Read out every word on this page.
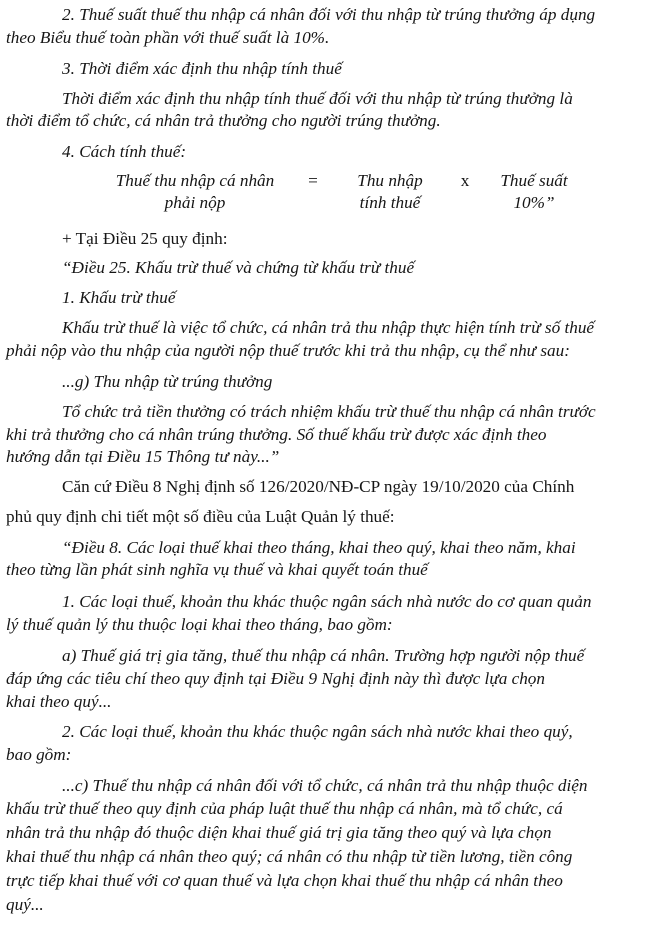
2. Thuế suất thuế thu nhập cá nhân đối với thu nhập từ trúng thưởng áp dụng
theo Biểu thuế toàn phần với thuế suất là 10%.
3. Thời điểm xác định thu nhập tính thuế
Thời điểm xác định thu nhập tính thuế đối với thu nhập từ trúng thưởng là
thời điểm tổ chức, cá nhân trả thưởng cho người trúng thưởng.
4. Cách tính thuế:
Thuế thu nhập cá nhân
phải nộp
=	Thu nhập
tính thuế
x	Thuế suất
10%”
+ Tại Điều 25 quy định:
“Điều 25. Khấu trừ thuế và chứng từ khấu trừ thuế
1. Khấu trừ thuế
Khấu trừ thuế là việc tổ chức, cá nhân trả thu nhập thực hiện tính trừ số thuế
phải nộp vào thu nhập của người nộp thuế trước khi trả thu nhập, cụ thể như sau:
...g) Thu nhập từ trúng thưởng
Tổ chức trả tiền thưởng có trách nhiệm khấu trừ thuế thu nhập cá nhân trước
khi trả thưởng cho cá nhân trúng thưởng. Số thuế khấu trừ được xác định theo
hướng dẫn tại Điều 15 Thông tư này...”
Căn cứ Điều 8 Nghị định số 126/2020/NĐ-CP ngày 19/10/2020 của Chính
phủ quy định chi tiết một số điều của Luật Quản lý thuế:
“Điều 8. Các loại thuế khai theo tháng, khai theo quý, khai theo năm, khai
theo từng lần phát sinh nghĩa vụ thuế và khai quyết toán thuế
1. Các loại thuế, khoản thu khác thuộc ngân sách nhà nước do cơ quan quản
lý thuế quản lý thu thuộc loại khai theo tháng, bao gồm:
a) Thuế giá trị gia tăng, thuế thu nhập cá nhân. Trường hợp người nộp thuế
đáp ứng các tiêu chí theo quy định tại Điều 9 Nghị định này thì được lựa chọn
khai theo quý...
2. Các loại thuế, khoản thu khác thuộc ngân sách nhà nước khai theo quý,
bao gồm:
...c) Thuế thu nhập cá nhân đối với tổ chức, cá nhân trả thu nhập thuộc diện
khấu trừ thuế theo quy định của pháp luật thuế thu nhập cá nhân, mà tổ chức, cá
nhân trả thu nhập đó thuộc diện khai thuế giá trị gia tăng theo quý và lựa chọn
khai thuế thu nhập cá nhân theo quý; cá nhân có thu nhập từ tiền lương, tiền công
trực tiếp khai thuế với cơ quan thuế và lựa chọn khai thuế thu nhập cá nhân theo
quý...
